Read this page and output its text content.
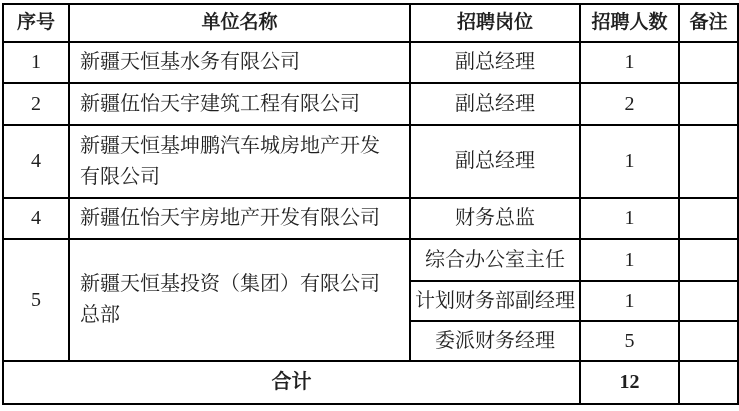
序号	单位名称	招聘岗位	招聘人数	备注
1	新疆天恒基水务有限公司	副总经理	1	
2	新疆伍怡天宇建筑工程有限公司	副总经理	2	
4	新疆天恒基坤鹏汽车城房地产开发有限公司	副总经理	1	
4	新疆伍怡天宇房地产开发有限公司	财务总监	1	
5	新疆天恒基投资（集团）有限公司总部	综合办公室主任	1	
		计划财务部副经理	1	
		委派财务经理	5	
合计			12	
